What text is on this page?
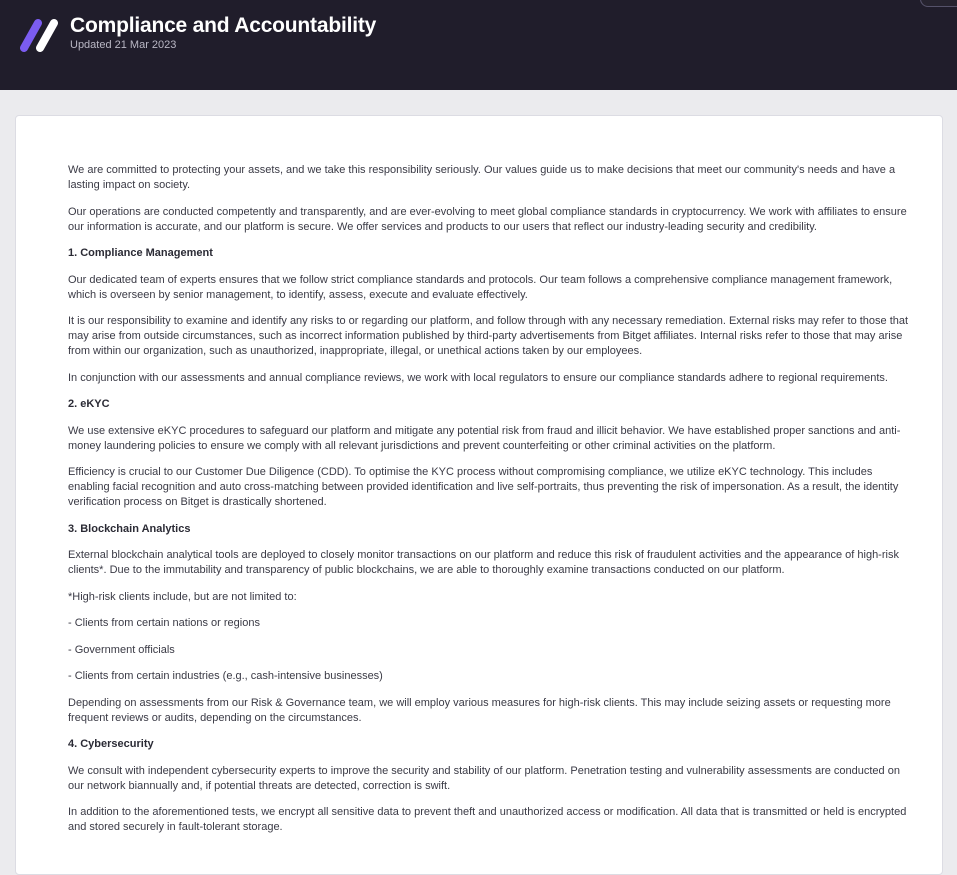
Compliance and Accountability
Updated 21 Mar 2023

We are committed to protecting your assets, and we take this responsibility seriously. Our values guide us to make decisions that meet our community's needs and have a lasting impact on society.

Our operations are conducted competently and transparently, and are ever-evolving to meet global compliance standards in cryptocurrency. We work with affiliates to ensure our information is accurate, and our platform is secure. We offer services and products to our users that reflect our industry-leading security and credibility.

1. Compliance Management

Our dedicated team of experts ensures that we follow strict compliance standards and protocols. Our team follows a comprehensive compliance management framework, which is overseen by senior management, to identify, assess, execute and evaluate effectively.

It is our responsibility to examine and identify any risks to or regarding our platform, and follow through with any necessary remediation. External risks may refer to those that may arise from outside circumstances, such as incorrect information published by third-party advertisements from Bitget affiliates. Internal risks refer to those that may arise from within our organization, such as unauthorized, inappropriate, illegal, or unethical actions taken by our employees.

In conjunction with our assessments and annual compliance reviews, we work with local regulators to ensure our compliance standards adhere to regional requirements.

2. eKYC

We use extensive eKYC procedures to safeguard our platform and mitigate any potential risk from fraud and illicit behavior. We have established proper sanctions and anti-money laundering policies to ensure we comply with all relevant jurisdictions and prevent counterfeiting or other criminal activities on the platform.

Efficiency is crucial to our Customer Due Diligence (CDD). To optimise the KYC process without compromising compliance, we utilize eKYC technology. This includes enabling facial recognition and auto cross-matching between provided identification and live self-portraits, thus preventing the risk of impersonation. As a result, the identity verification process on Bitget is drastically shortened.

3. Blockchain Analytics

External blockchain analytical tools are deployed to closely monitor transactions on our platform and reduce this risk of fraudulent activities and the appearance of high-risk clients*. Due to the immutability and transparency of public blockchains, we are able to thoroughly examine transactions conducted on our platform.

*High-risk clients include, but are not limited to:

- Clients from certain nations or regions

- Government officials

- Clients from certain industries (e.g., cash-intensive businesses)

Depending on assessments from our Risk & Governance team, we will employ various measures for high-risk clients. This may include seizing assets or requesting more frequent reviews or audits, depending on the circumstances.

4. Cybersecurity

We consult with independent cybersecurity experts to improve the security and stability of our platform. Penetration testing and vulnerability assessments are conducted on our network biannually and, if potential threats are detected, correction is swift.

In addition to the aforementioned tests, we encrypt all sensitive data to prevent theft and unauthorized access or modification. All data that is transmitted or held is encrypted and stored securely in fault-tolerant storage.
